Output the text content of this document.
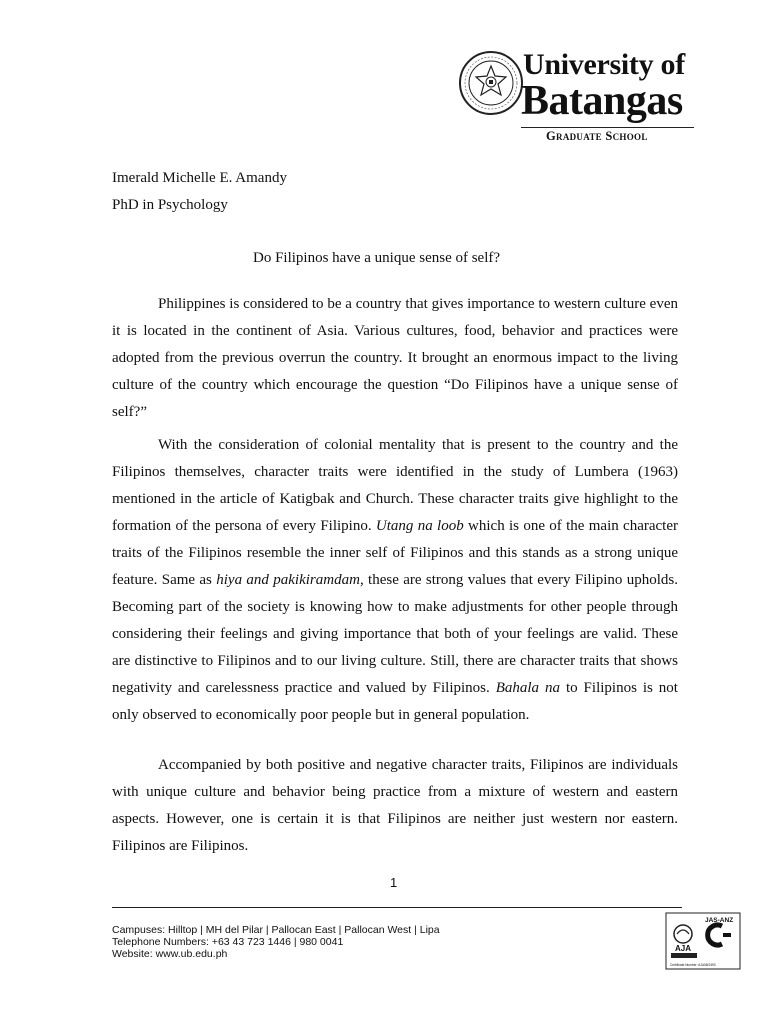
University of
Batangas
Graduate School
Imerald Michelle E. Amandy
PhD in Psychology
Do Filipinos have a unique sense of self?

Philippines is considered to be a country that gives importance to western culture even it is located in the continent of Asia. Various cultures, food, behavior and practices were adopted from the previous overrun the country. It brought an enormous impact to the living culture of the country which encourage the question “Do Filipinos have a unique sense of self?”

With the consideration of colonial mentality that is present to the country and the Filipinos themselves, character traits were identified in the study of Lumbera (1963) mentioned in the article of Katigbak and Church. These character traits give highlight to the formation of the persona of every Filipino. Utang na loob which is one of the main character traits of the Filipinos resemble the inner self of Filipinos and this stands as a strong unique feature. Same as hiya and pakikiramdam, these are strong values that every Filipino upholds. Becoming part of the society is knowing how to make adjustments for other people through considering their feelings and giving importance that both of your feelings are valid. These are distinctive to Filipinos and to our living culture. Still, there are character traits that shows negativity and carelessness practice and valued by Filipinos. Bahala na to Filipinos is not only observed to economically poor people but in general population.

Accompanied by both positive and negative character traits, Filipinos are individuals with unique culture and behavior being practice from a mixture of western and eastern aspects. However, one is certain it is that Filipinos are neither just western nor eastern. Filipinos are Filipinos.

1
Campuses: Hilltop | MH del Pilar | Pallocan East | Pallocan West | Lipa
Telephone Numbers: +63 43 723 1446 | 980 0041
Website: www.ub.edu.ph
JAS-ANZ
AJA
Certificate Number: AJA08/2493
